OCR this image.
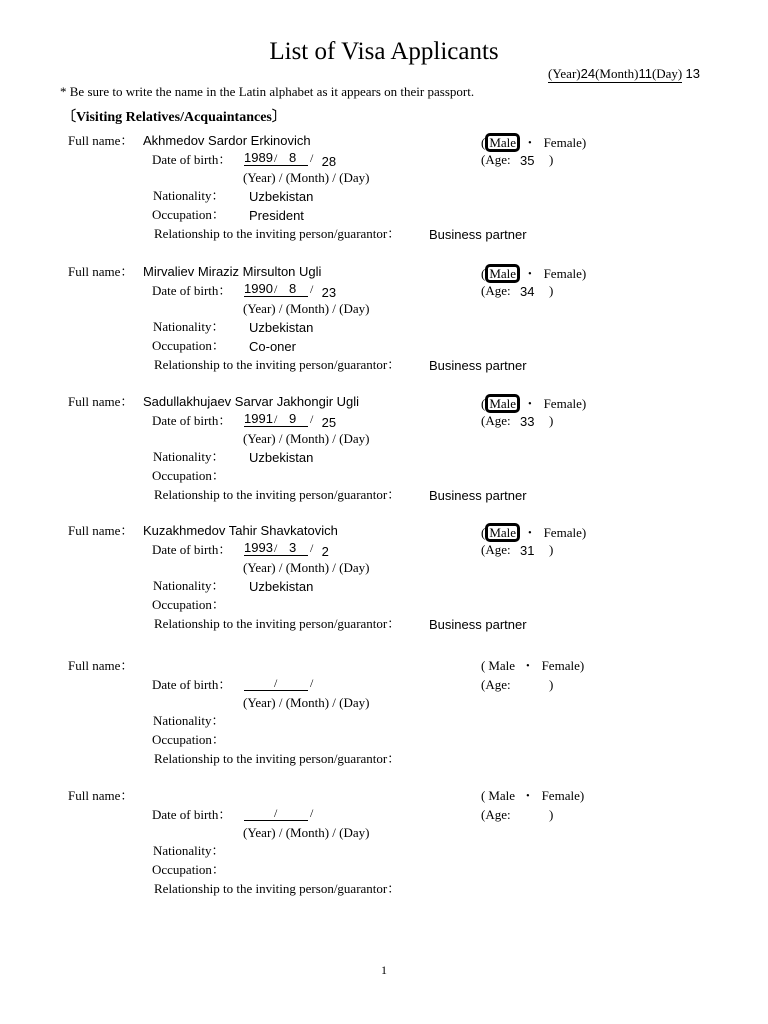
List of Visa Applicants
(Year)24(Month)11(Day) 13
* Be sure to write the name in the Latin alphabet as it appears on their passport.
〔Visiting Relatives/Acquaintances〕
Full name： Akhmedov Sardor Erkinovich	( Male ・ Female)
Date of birth： 1989 / 8 / 28	(Age: 35 )
(Year) / (Month) / (Day)
Nationality： Uzbekistan
Occupation： President
Relationship to the inviting person/guarantor： Business partner
Full name： Mirvaliev Miraziz Mirsulton Ugli	( Male ・ Female)
Date of birth： 1990 / 8 / 23	(Age: 34 )
(Year) / (Month) / (Day)
Nationality： Uzbekistan
Occupation： Co-oner
Relationship to the inviting person/guarantor： Business partner
Full name： Sadullakhujaev Sarvar Jakhongir Ugli	( Male ・ Female)
Date of birth： 1991 / 9 / 25	(Age: 33 )
(Year) / (Month) / (Day)
Nationality： Uzbekistan
Occupation：
Relationship to the inviting person/guarantor： Business partner
Full name： Kuzakhmedov Tahir Shavkatovich	( Male ・ Female)
Date of birth： 1993 / 3 / 2	(Age: 31 )
(Year) / (Month) / (Day)
Nationality： Uzbekistan
Occupation：
Relationship to the inviting person/guarantor： Business partner
Full name：	( Male ・ Female)
Date of birth：	/	/	(Age:	)
(Year) / (Month) / (Day)
Nationality：
Occupation：
Relationship to the inviting person/guarantor：
Full name：	( Male ・ Female)
Date of birth：	/	/	(Age:	)
(Year) / (Month) / (Day)
Nationality：
Occupation：
Relationship to the inviting person/guarantor：
1
